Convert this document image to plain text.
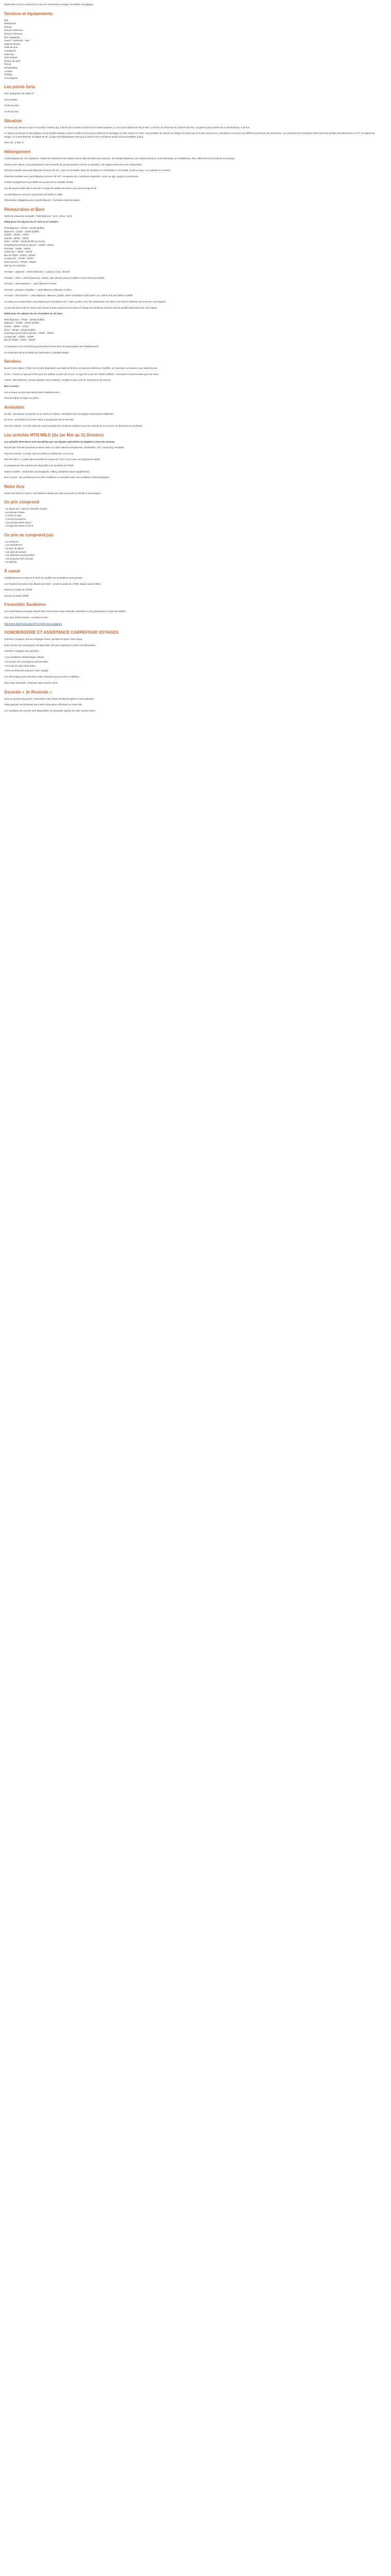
Destination Co pro comprend: Co pro en comprenant Lesaga Formalités Camagagne

Services et équipements
Wifi
Restaurant
Piscine
Piscine extérieure
Piscine intérieure
Parc aquatique
Sauna - hammam - Spa
Salle de fitness
Salle de jeux
Animations
Kids club
Club enfants
Terrain de sport
Tennis
Climatisation
Lit bébé
Parking
Conciergerie
Les points forts

Parc d'attraction de 4000 m²

Club enfants

Accès au parc

Accès au spa

Situation

Le Saint-Lary Resort & Spa 4* est situé à Saint-Lary, à 50 km de Lourdes et à 50 km de Saint-Gaudens, à 2 km de la station de Pla d'Adet, à 170 km de Toulouse et à 160 km de Pau. La gare la plus proche est à Lannemezan, à 40 km.

Le Saint-Lary Resort & Spa dispose d'une parfaite situation dans la vallée d'Aure pour profiter de la montagne en été comme en hiver. Vous profitez de l'accès au village de Saint-Lary et à ses commerces, animations ou encore aux différents parcours de randonnée. Les amateurs de sensations fortes pourront profiter des descentes en VTT au départ du village. Le centre thermal, la station de ski, la ligne de téléphérique ainsi que la piscine et le complexe sportif sont accessibles à pied.

Gare ski : à 500 m.

Hébergement

L'hôtel dispose de 176 chambres. Toutes les chambres sont dotées d'une salle de bains avec douche, de toilettes séparées, d'un sèche-cheveux, d'une télévision, d'un téléphone, d'un coffre-fort et d'un balcon ou terrasse.

Durant votre séjour, vous participerez à des activités de groupe (piscine, tennis ou squash). Les équipements sont mis à disposition.

Chambre double avec petit déjeuner (environ 25 m²) : avec un lit double, deux lits simples ou 1 lit double et 1 lit simple, accès au spa, 1 à 2 adultes et 1 enfant.

Chambre familiale avec petit déjeuner (environ 40 m²) : composée de 2 chambres séparées, accès au spa, jusqu'à 4 personnes.

L'hôtel est également accessible aux personnes à mobilité réduite.

Les lits peuvent être faits à l'arrivée, le linge de toilette est fourni, ainsi que le linge de lit.

Le petit déjeuner est servi sous forme de buffet en salle.

Réservation obligatoire pour le petit déjeuner ; fermeture selon la saison.

Restauration et Bars

Tarifs du restaurant indicatifs : Petit déjeuner : 15 € ; Dîner : 32 €

Détail pour les séjours du 27 avril au 31 octobre :

Petit déjeuner : 07h00 - 10h30 (buffet)
Déjeuner : 12h00 - 14h00 (buffet)
Goûter : 16h00 - 17h00
Apéritif : 18h00 - 19h00
Dîner : 19h00 - 21h30 (buffet ou menu)
Snacking au bord de la piscine : 12h00 - 18h00
Pool Bar : 10h00 - 19h00
Snack bar : 10h00 - 22h00
Bar de l'hôtel : 10h00 - 00h00
Lounge bar : 17h00 - 01h00
Room service : 07h00 - 22h00
Mini bar en chambre

Formule « déjeuner » (hors boissons) : 1 plat au choix, dessert

Formule « dîner » (hors boissons) : entrée, plat, dessert (servis à table ou sous forme de buffet)

Formule « demi-pension » : petit déjeuner et dîner

Formule « pension complète » : petit déjeuner, déjeuner et dîner

Formule « all inclusive » : petit déjeuner, déjeuner, goûter, dîner et boissons (soft, bière, vin, café et thé) de 10h00 à 23h00

Un repas au Lounge Bistro est proposé pour les séjours de 7 nuits ou plus. Pour les restaurants à la carte vous devrez réserver via le service conciergerie.

La formule tout inclus de Saint-Lary Resort & Spa comprend une prise en charge de nombreux services afin de profiter pleinement de votre séjour.

Détail pour les séjours du 1er novembre au 31 mars :

Petit déjeuner : 07h00 - 10h30 (buffet)
Déjeuner : 12h00 - 14h30 (buffet)
Goûter : 16h00 - 17h30
Dîner : 19h00 - 21h30 (buffet)
Snacking au bord de la piscine : 12h00 - 18h00
Lounge Bar : 10h00 - 23h00
Bar de l'hôtel : 17h00 - 23h00

Le restaurant et le snack bar peuvent être fermés selon la fréquentation de l'établissement.

Le restaurant est accessible aux personnes à mobilité réduite.

Services

Durant votre séjour, l'hôtel met à votre disposition une salle de fitness, une piscine intérieure chauffée, un hammam, un sauna et une salle de jeux.

Accès : l'accès au spa est inclus pour les adultes à partir de 16 ans. Le spa est ouvert de 10h00 à 20h00 ; réservation recommandée pour les soins.

Autres : blanchisserie, navette gratuite vers la station, consigne à skis, prêt de chaussures de marche.

Bon à savoir :

Les animaux ne sont pas admis dans l'établissement.

Taxe de séjour à régler sur place.

Animation

En été : animations en journée et en soirée en saison, encadrées par une équipe d'animateurs diplômés.

En hiver : animations en soirée selon le programme de la semaine.

Pour les enfants : Le Kids Club est ouvert pendant les vacances scolaires pour les enfants de 4 à 12 ans, du dimanche au vendredi.

Les activités MTN WILD (du 1er Mai au 31 Octobre)

Les activités MTN WILD sont encadrées par une équipe spécialisée et adaptées à tous les niveaux.

Reçois des activités sportives et loisirs dans un cadre naturel exceptionnel : randonnée, VTT, canyoning, escalade.

Pour les enfants : Le Kids club accueille les enfants de 3 à 12 ans.

Pour les ados : Le club ados accueille les jeunes de 13 à 17 ans avec un programme dédié.

Le programme des activités est disponible à la réception de l'hôtel.

Autres activités : randonnée accompagnée, rafting, parapente (avec supplément).

Bon à savoir : les activités peuvent être modifiées ou annulées selon les conditions météorologiques.

Notre Avis

Saint-Lary Resort & Spa 4* est l'adresse idéale pour des vacances en famille à la montagne.

Ce prix comprend
- Le séjour de 7 nuits en chambre double
- La formule choisie
- L'accès au spa
- L'accès à la piscine
- Les activités MTN WILD
- Le linge de toilette et de lit
Ce prix ne comprend pas
- Le transport
- Les assurances
- La taxe de séjour
- Les frais de dossier
- Les dépenses personnelles
- Les boissons hors formule
- Le parking
À savoir

L'établissement se réserve le droit de modifier les prestations sans préavis.

Les horaires d'arrivée et de départ sont fixés : arrivée à partir de 17h00, départ avant 10h00.

Check-in à partir de 17h00

Check-out avant 10h00

Formalités Sanitaires

Les ressortissants français doivent être munis d'une carte nationale d'identité ou d'un passeport en cours de validité.

Pour plus d'informations, consultez le site :

http://www.diplomatie.gouv.fr/fr/conseils-aux-voyageurs

CONCIERGERIE ET ASSISTANCE CARREFOUR VOYAGES

Carrefour Voyages vous accompagne avant, pendant et après votre séjour.

Notre service de conciergerie est disponible 7j/7 pour répondre à toutes vos demandes.

Carrefour Voyages vous propose :

• Une assistance téléphonique 24h/24
• Un service de conciergerie personnalisé
• Un suivi de votre réservation
• Des conseils pour préparer votre voyage

Les informations sont données à titre indicatif et peuvent être modifiées.

Pour toute demande, contactez notre service client.

Garantie « Je Revends »

Vous ne pouvez plus partir ? Revendez votre séjour facilement grâce à notre garantie.

Cette garantie est proposée pour toute réservation effectuée sur notre site.

Les conditions de revente sont disponibles sur demande auprès de notre service client.
